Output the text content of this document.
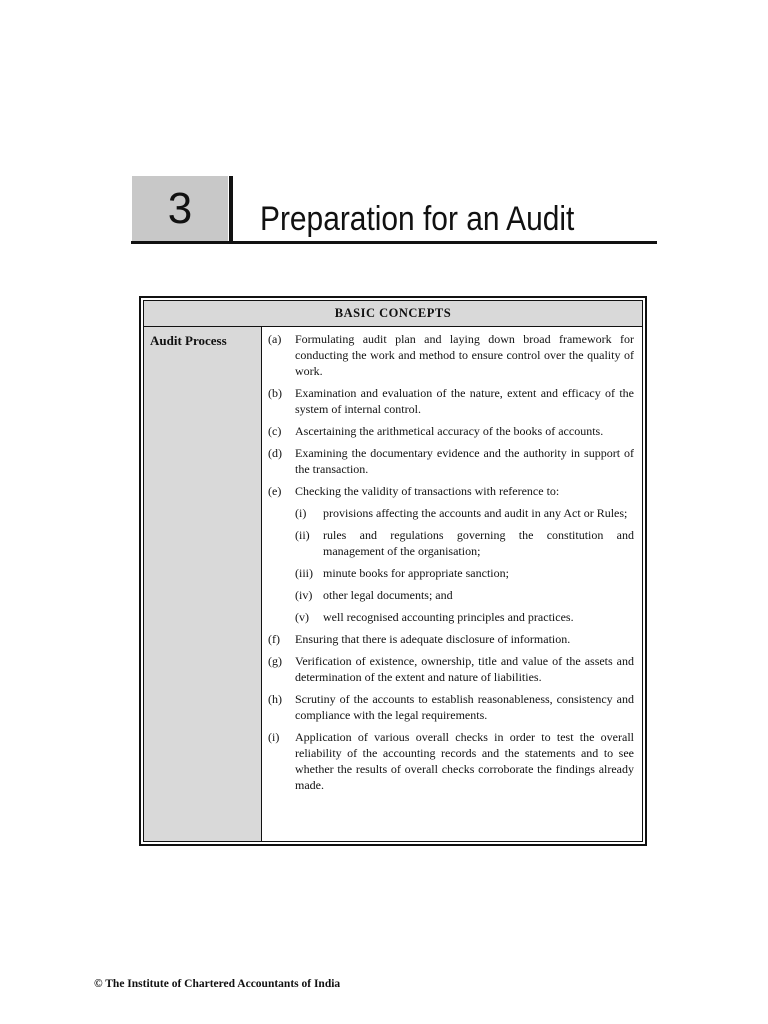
3	Preparation for an Audit
BASIC CONCEPTS
Audit Process	(a)	Formulating audit plan and laying down broad framework for conducting the work and method to ensure control over the quality of work.
(b)	Examination and evaluation of the nature, extent and efficacy of the system of internal control.
(c)	Ascertaining the arithmetical accuracy of the books of accounts.
(d)	Examining the documentary evidence and the authority in support of the transaction.
(e)	Checking the validity of transactions with reference to:
(i)	provisions affecting the accounts and audit in any Act or Rules;
(ii)	rules and regulations governing the constitution and management of the organisation;
(iii) minute books for appropriate sanction;
(iv) other legal documents; and
(v)	well recognised accounting principles and practices.
(f)	Ensuring that there is adequate disclosure of information.
(g)	Verification of existence, ownership, title and value of the assets and determination of the extent and nature of liabilities.
(h)	Scrutiny of the accounts to establish reasonableness, consistency and compliance with the legal requirements.
(i)	Application of various overall checks in order to test the overall reliability of the accounting records and the statements and to see whether the results of overall checks corroborate the findings already made.
© The Institute of Chartered Accountants of India
